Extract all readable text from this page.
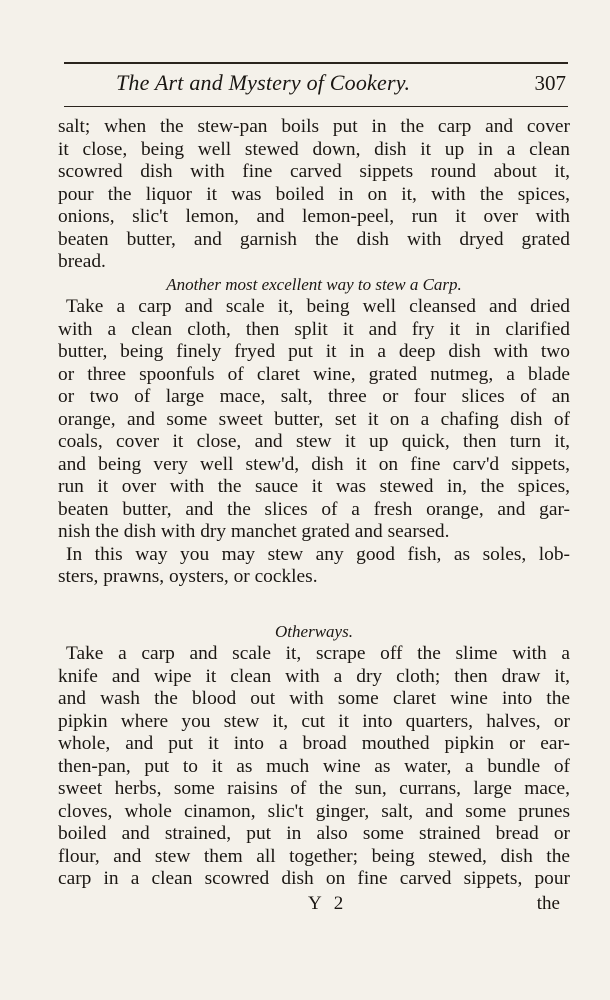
The Art and Mystery of Cookery.	307
salt; when the stew-pan boils put in the carp and cover
it close, being well stewed down, dish it up in a clean
scowred dish with fine carved sippets round about it,
pour the liquor it was boiled in on it, with the spices,
onions, slic't lemon, and lemon-peel, run it over with
beaten butter, and garnish the dish with dryed grated
bread.
Another most excellent way to stew a Carp.
Take a carp and scale it, being well cleansed and dried
with a clean cloth, then split it and fry it in clarified
butter, being finely fryed put it in a deep dish with two
or three spoonfuls of claret wine, grated nutmeg, a blade
or two of large mace, salt, three or four slices of an
orange, and some sweet butter, set it on a chafing dish of
coals, cover it close, and stew it up quick, then turn it,
and being very well stew'd, dish it on fine carv'd sippets,
run it over with the sauce it was stewed in, the spices,
beaten butter, and the slices of a fresh orange, and gar-
nish the dish with dry manchet grated and searsed.
In this way you may stew any good fish, as soles, lob-
sters, prawns, oysters, or cockles.
Otherways.
Take a carp and scale it, scrape off the slime with a
knife and wipe it clean with a dry cloth; then draw it,
and wash the blood out with some claret wine into the
pipkin where you stew it, cut it into quarters, halves, or
whole, and put it into a broad mouthed pipkin or ear-
then-pan, put to it as much wine as water, a bundle of
sweet herbs, some raisins of the sun, currans, large mace,
cloves, whole cinamon, slic't ginger, salt, and some prunes
boiled and strained, put in also some strained bread or
flour, and stew them all together; being stewed, dish the
carp in a clean scowred dish on fine carved sippets, pour
Y 2	the
